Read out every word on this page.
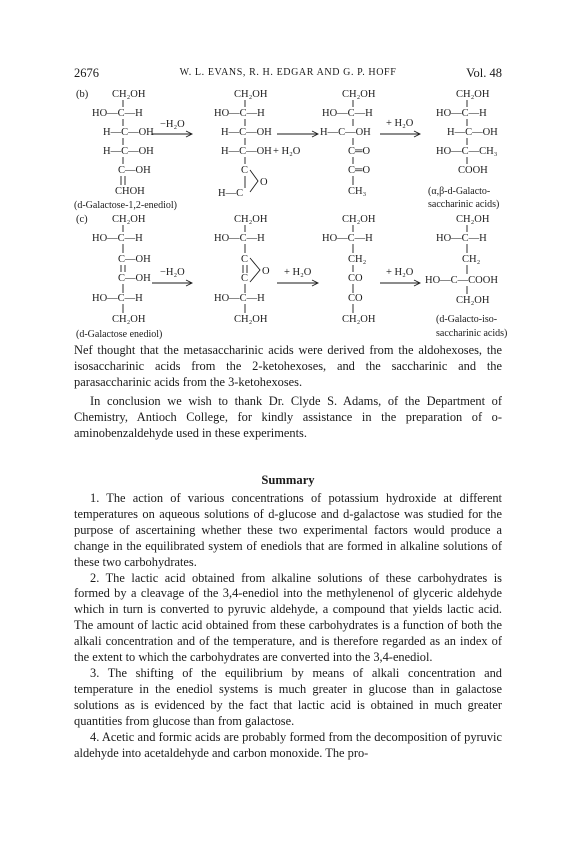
2676	W. L. EVANS, R. H. EDGAR AND G. P. HOFF	Vol. 48
(b) CH₂OH
HO—C—H
H—C—OH
H—C—OH
C—OH
CHOH
−H₂O
CH₂OH
HO—C—H
H—C—OH
H—C—OH + H₂O
C
H—C
O
CH₂OH
HO—C—H
H—C—OH
C═O
C═O
CH₃
+ H₂O
CH₂OH
HO—C—H
H—C—OH
HO—C—CH₃
COOH
(d-Galactose-1,2-enediol)
(α,β-d-Galacto-
saccharinic acids)
(c) CH₂OH
HO—C—H
C—OH
C—OH
HO—C—H
CH₂OH
−H₂O
CH₂OH
HO—C—H
C
C
O
HO—C—H
CH₂OH
+ H₂O
CH₂OH
HO—C—H
CH₂
CO
CO
CH₂OH
+ H₂O
CH₂OH
HO—C—H
CH₂
HO—C—COOH
CH₂OH
(d-Galactose enediol)
(d-Galacto-iso-
saccharinic acids)

Nef thought that the metasaccharinic acids were derived from the aldohexoses, the isosaccharinic acids from the 2-ketohexoses, and the saccharinic and the parasaccharinic acids from the 3-ketohexoses.

In conclusion we wish to thank Dr. Clyde S. Adams, of the Department of Chemistry, Antioch College, for kindly assistance in the preparation of o-aminobenzaldehyde used in these experiments.

Summary

1. The action of various concentrations of potassium hydroxide at different temperatures on aqueous solutions of d-glucose and d-galactose was studied for the purpose of ascertaining whether these two experimental factors would produce a change in the equilibrated system of enediols that are formed in alkaline solutions of these two carbohydrates.

2. The lactic acid obtained from alkaline solutions of these carbohydrates is formed by a cleavage of the 3,4-enediol into the methylenenol of glyceric aldehyde which in turn is converted to pyruvic aldehyde, a compound that yields lactic acid. The amount of lactic acid obtained from these carbohydrates is a function of both the alkali concentration and of the temperature, and is therefore regarded as an index of the extent to which the carbohydrates are converted into the 3,4-enediol.

3. The shifting of the equilibrium by means of alkali concentration and temperature in the enediol systems is much greater in glucose than in galactose solutions as is evidenced by the fact that lactic acid is obtained in much greater quantities from glucose than from galactose.

4. Acetic and formic acids are probably formed from the decomposition of pyruvic aldehyde into acetaldehyde and carbon monoxide. The pro-
